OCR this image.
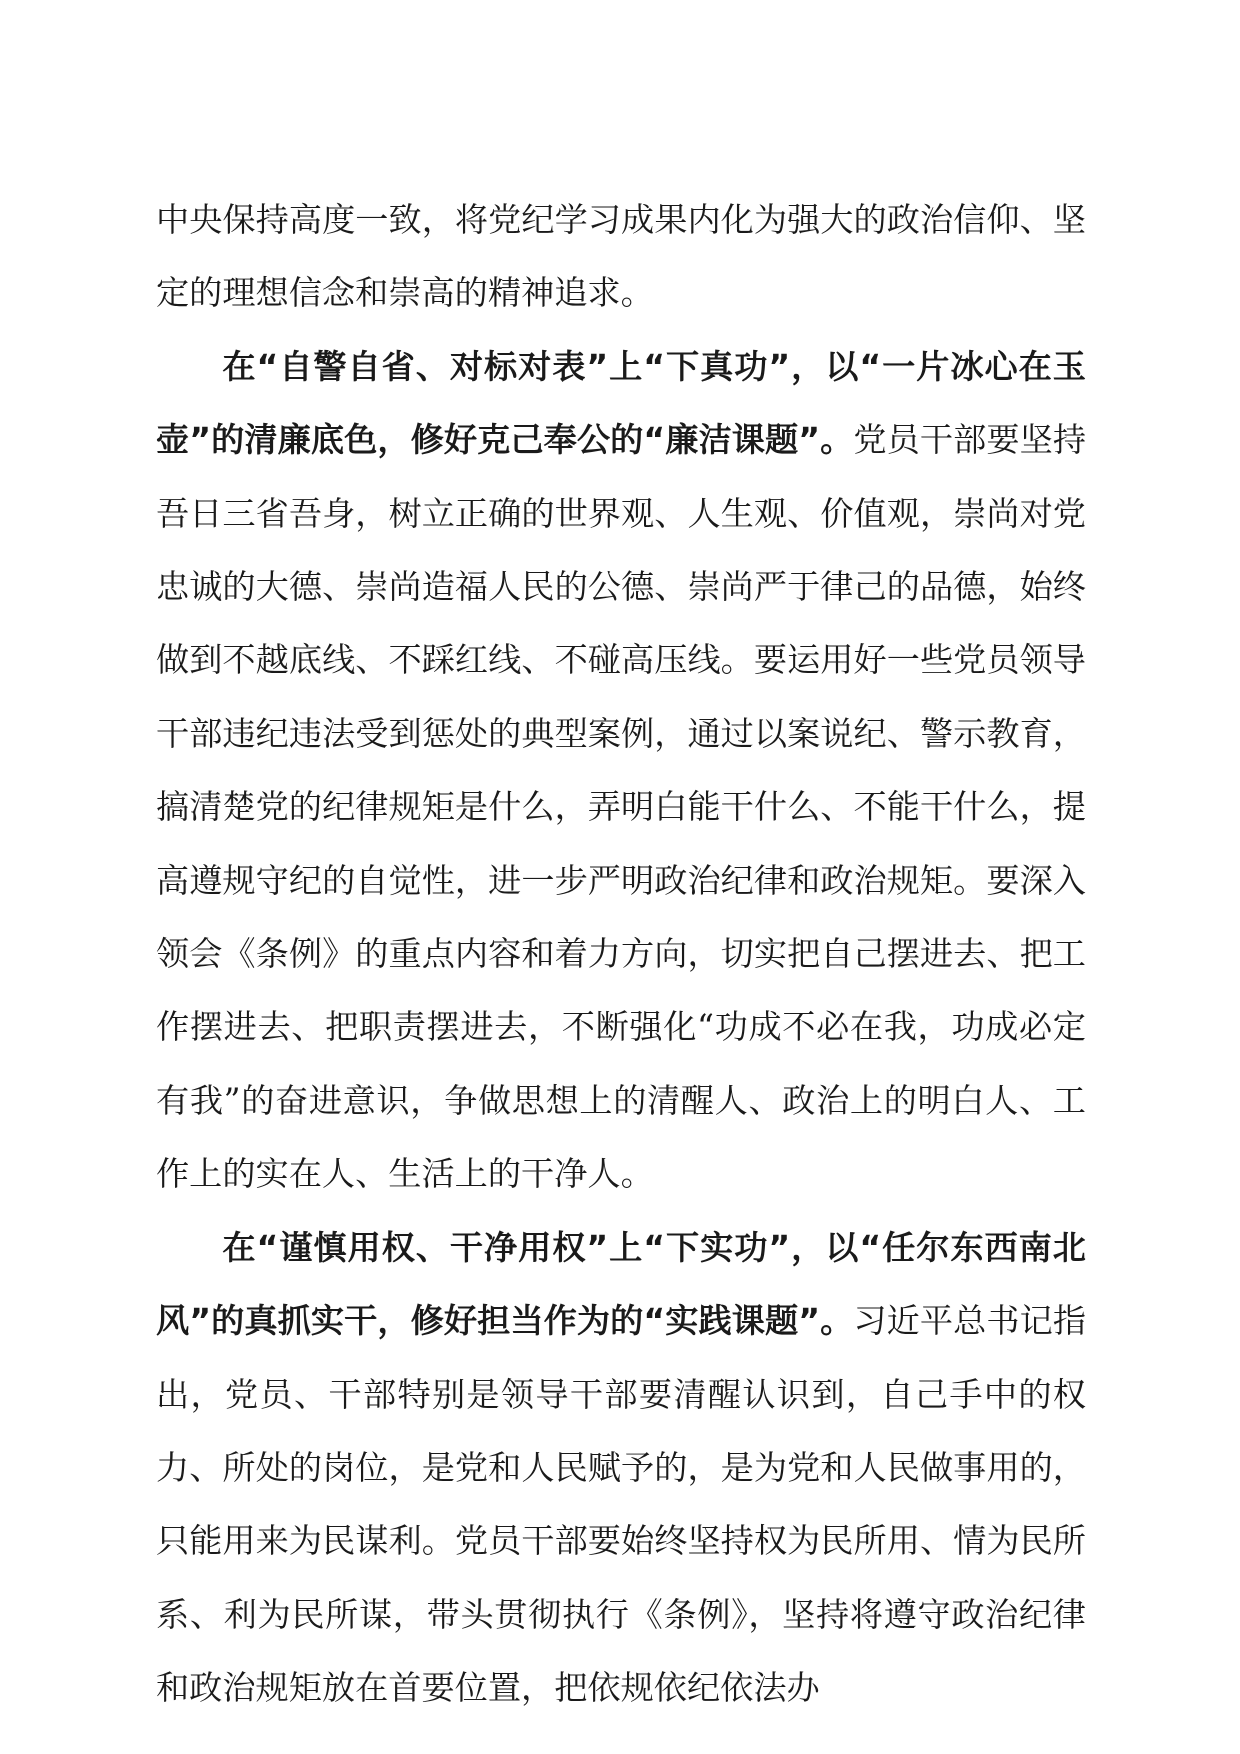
中央保持高度一致，将党纪学习成果内化为强大的政治信仰、坚定的理想信念和崇高的精神追求。

在“自警自省、对标对表”上“下真功”，以“一片冰心在玉壶”的清廉底色，修好克己奉公的“廉洁课题”。党员干部要坚持吾日三省吾身，树立正确的世界观、人生观、价值观，崇尚对党忠诚的大德、崇尚造福人民的公德、崇尚严于律己的品德，始终做到不越底线、不踩红线、不碰高压线。要运用好一些党员领导干部违纪违法受到惩处的典型案例，通过以案说纪、警示教育，搞清楚党的纪律规矩是什么，弄明白能干什么、不能干什么，提高遵规守纪的自觉性，进一步严明政治纪律和政治规矩。要深入领会《条例》的重点内容和着力方向，切实把自己摆进去、把工作摆进去、把职责摆进去，不断强化“功成不必在我，功成必定有我”的奋进意识，争做思想上的清醒人、政治上的明白人、工作上的实在人、生活上的干净人。

在“谨慎用权、干净用权”上“下实功”，以“任尔东西南北风”的真抓实干，修好担当作为的“实践课题”。习近平总书记指出，党员、干部特别是领导干部要清醒认识到，自己手中的权力、所处的岗位，是党和人民赋予的，是为党和人民做事用的，只能用来为民谋利。党员干部要始终坚持权为民所用、情为民所系、利为民所谋，带头贯彻执行《条例》，坚持将遵守政治纪律和政治规矩放在首要位置，把依规依纪依法办
